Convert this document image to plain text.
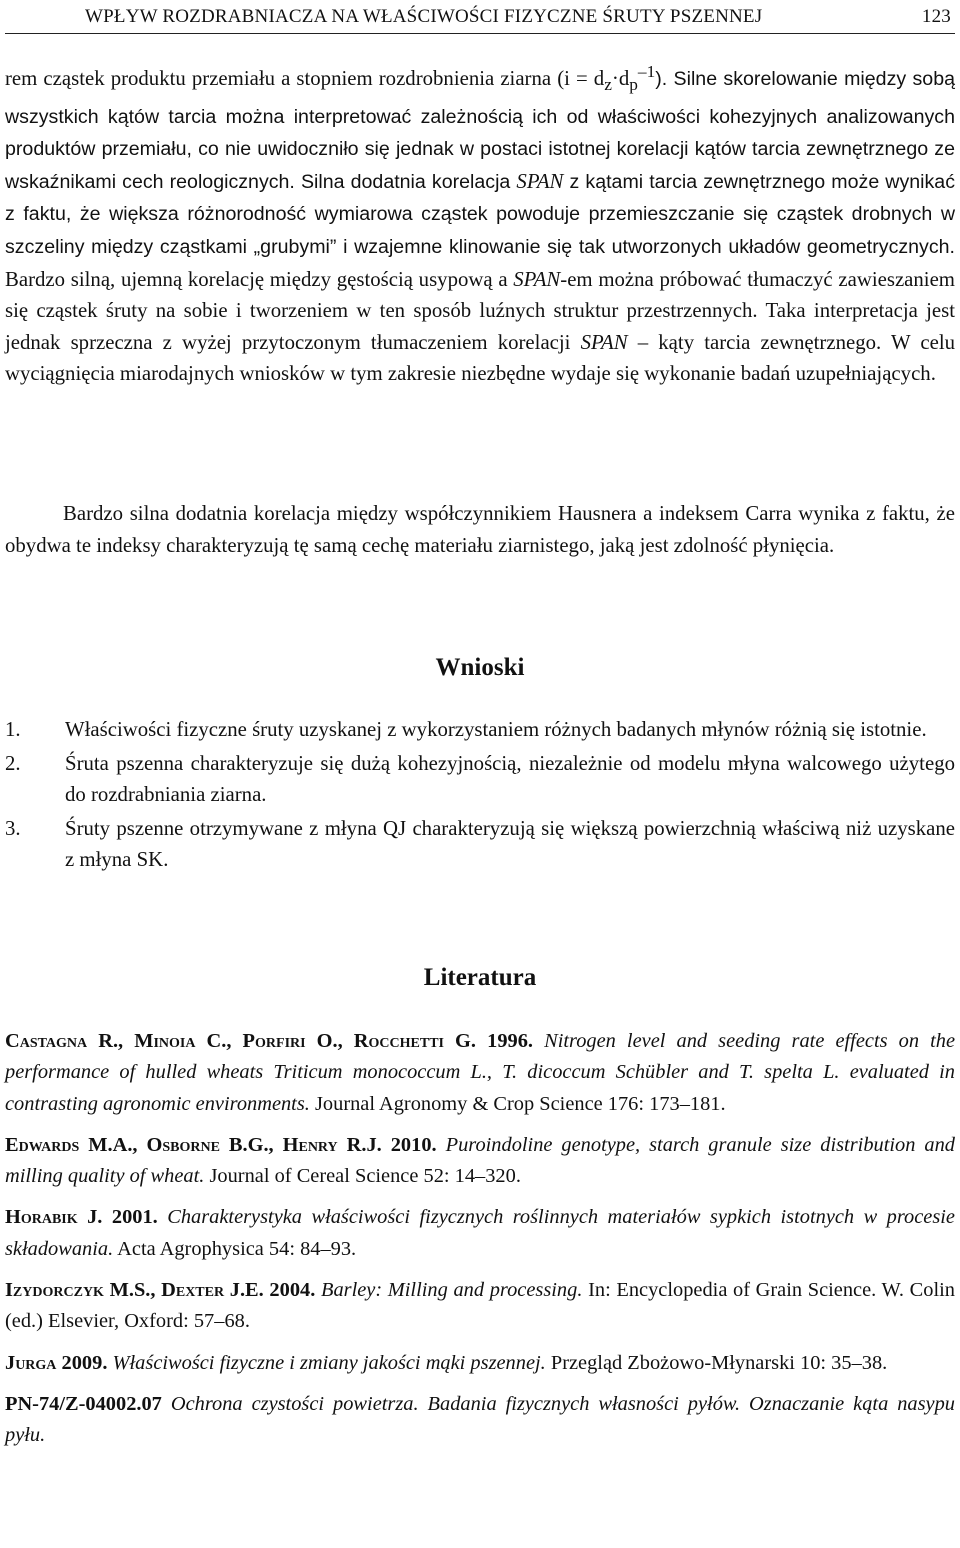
WPŁYW ROZDRABNIACZA NA WŁAŚCIWOŚCI FIZYCZNE ŚRUTY PSZENNEJ	123

rem cząstek produktu przemiału a stopniem rozdrobnienia ziarna $(i = d_z\cdot d_p^{-1})$. Silne skorelowanie między sobą wszystkich kątów tarcia można interpretować zależnością ich od właściwości kohezyjnych analizowanych produktów przemiału, co nie uwidoczniło się jednak w postaci istotnej korelacji kątów tarcia zewnętrznego ze wskaźnikami cech reologicznych. Silna dodatnia korelacja SPAN z kątami tarcia zewnętrznego może wynikać z faktu, że większa różnorodność wymiarowa cząstek powoduje przemieszczanie się cząstek drobnych w szczeliny między cząstkami „grubymi” i wzajemne klinowanie się tak utworzonych układów geometrycznych. Bardzo silną, ujemną korelację między gęstością usypową a SPAN-em można próbować tłumaczyć zawieszaniem się cząstek śruty na sobie i tworzeniem w ten sposób luźnych struktur przestrzennych. Taka interpretacja jest jednak sprzeczna z wyżej przytoczonym tłumaczeniem korelacji SPAN – kąty tarcia zewnętrznego. W celu wyciągnięcia miarodajnych wniosków w tym zakresie niezbędne wydaje się wykonanie badań uzupełniających.

Bardzo silna dodatnia korelacja między współczynnikiem Hausnera a indeksem Carra wynika z faktu, że obydwa te indeksy charakteryzują tę samą cechę materiału ziarnistego, jaką jest zdolność płynięcia.

Wnioski
1. Właściwości fizyczne śruty uzyskanej z wykorzystaniem różnych badanych młynów różnią się istotnie.
2. Śruta pszenna charakteryzuje się dużą kohezyjnością, niezależnie od modelu młyna walcowego użytego do rozdrabniania ziarna.
3. Śruty pszenne otrzymywane z młyna QJ charakteryzują się większą powierzchnią właściwą niż uzyskane z młyna SK.
Literatura

Castagna R., Minoia C., Porfiri O., Rocchetti G. 1996. Nitrogen level and seeding rate effects on the performance of hulled wheats Triticum monococcum L., T. dicoccum Schübler and T. spelta L. evaluated in contrasting agronomic environments. Journal Agronomy & Crop Science 176: 173–181.

Edwards M.A., Osborne B.G., Henry R.J. 2010. Puroindoline genotype, starch granule size distribution and milling quality of wheat. Journal of Cereal Science 52: 14–320.

Horabik J. 2001. Charakterystyka właściwości fizycznych roślinnych materiałów sypkich istotnych w procesie składowania. Acta Agrophysica 54: 84–93.

Izydorczyk M.S., Dexter J.E. 2004. Barley: Milling and processing. In: Encyclopedia of Grain Science. W. Colin (ed.) Elsevier, Oxford: 57–68.

Jurga 2009. Właściwości fizyczne i zmiany jakości mąki pszennej. Przegląd Zbożowo-Młynarski 10: 35–38.

PN-74/Z-04002.07 Ochrona czystości powietrza. Badania fizycznych własności pyłów. Oznaczanie kąta nasypu pyłu.
